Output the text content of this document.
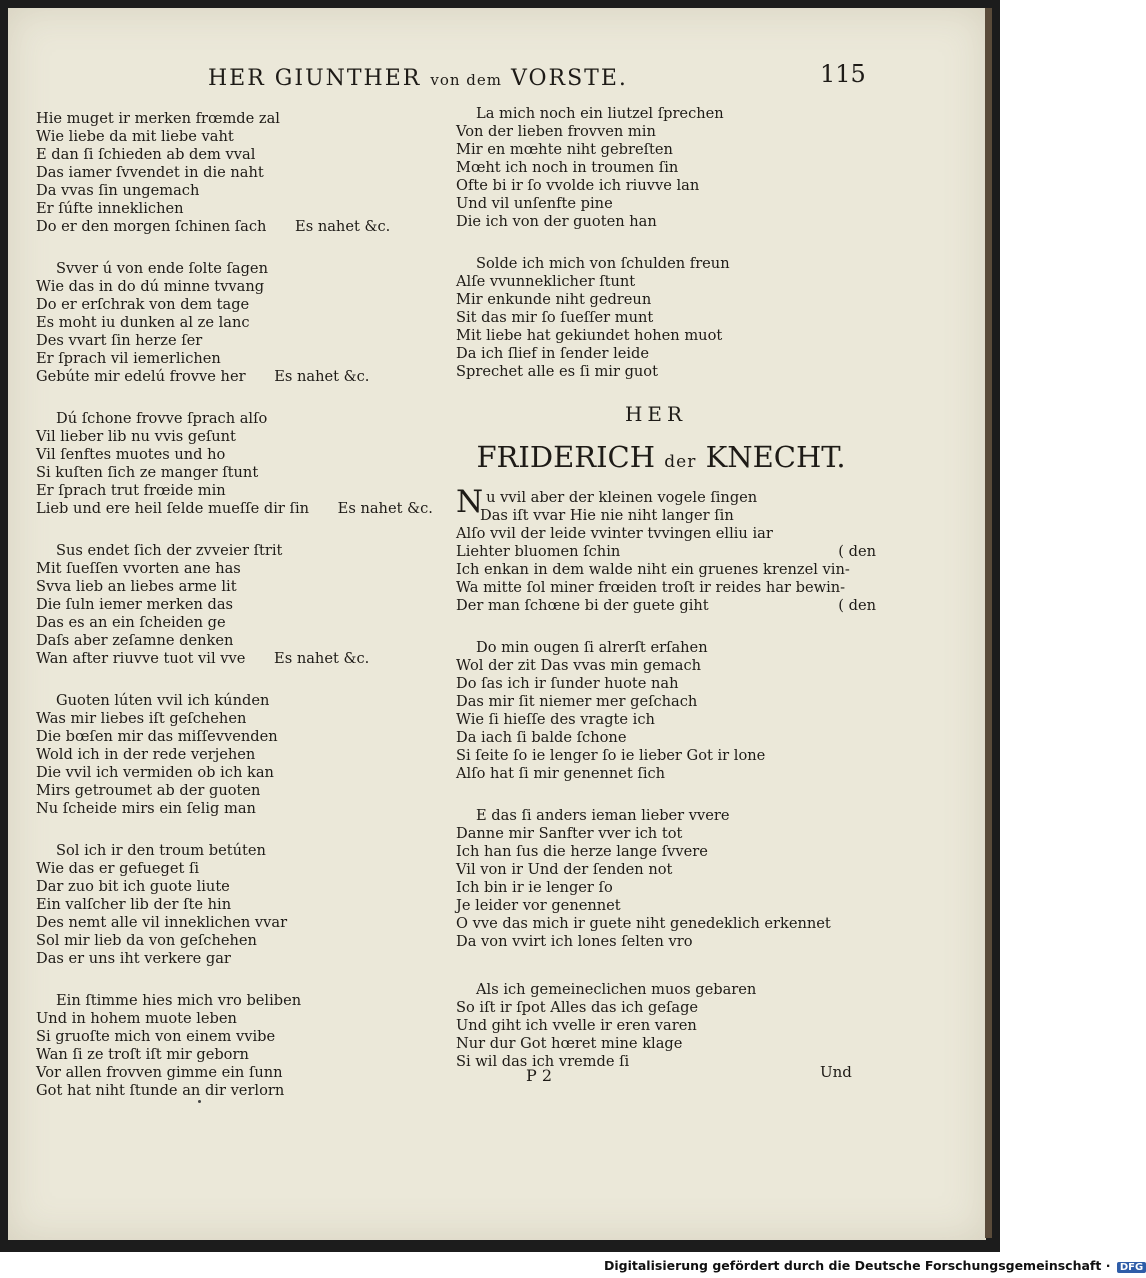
HER GIUNTHER von dem VORSTE.	115
Hie muget ir merken frœmde zal
Wie liebe da mit liebe vaht
E dan ſi ſchieden ab dem vval
Das iamer ſvvendet in die naht
Da vvas ſin ungemach
Er ſúfte inneklichen
Do er den morgen ſchinen ſach Es nahet &c.
Svver ú von ende ſolte ſagen
Wie das in do dú minne tvvang
Do er erſchrak von dem tage
Es moht iu dunken al ze lanc
Des vvart ſin herze ſer
Er ſprach vil iemerlichen
Gebúte mir edelú frovve her Es nahet &c.
Dú ſchone frovve ſprach alſo
Vil lieber lib nu vvis geſunt
Vil ſenftes muotes und ho
Si kuſten ſich ze manger ſtunt
Er ſprach trut frœide min
Lieb und ere heil ſelde mueſſe dir ſin Es nahet &c.
Sus endet ſich der zvveier ſtrit
Mit ſueſſen vvorten ane has
Svva lieb an liebes arme lit
Die ſuln iemer merken das
Das es an ein ſcheiden ge
Daſs aber zeſamne denken
Wan after riuvve tuot vil vve Es nahet &c.
Guoten lúten vvil ich kúnden
Was mir liebes iſt geſchehen
Die bœſen mir das miſſevvenden
Wold ich in der rede verjehen
Die vvil ich vermiden ob ich kan
Mirs getroumet ab der guoten
Nu ſcheide mirs ein ſelig man
Sol ich ir den troum betúten
Wie das er gefueget ſi
Dar zuo bit ich guote liute
Ein valſcher lib der ſte hin
Des nemt alle vil inneklichen vvar
Sol mir lieb da von geſchehen
Das er uns iht verkere gar
Ein ſtimme hies mich vro beliben
Und in hohem muote leben
Si gruoſte mich von einem vvibe
Wan ſi ze troſt iſt mir geborn
Vor allen frovven gimme ein ſunn
Got hat niht ſtunde an dir verlorn
La mich noch ein liutzel ſprechen
Von der lieben frovven min
Mir en mœhte niht gebreſten
Mœht ich noch in troumen ſin
Ofte bi ir ſo vvolde ich riuvve lan
Und vil unſenfte pine
Die ich von der guoten han
Solde ich mich von ſchulden freun
Alſe vvunneklicher ſtunt
Mir enkunde niht gedreun
Sit das mir ſo ſueſſer munt
Mit liebe hat gekiundet hohen muot
Da ich ſlief in ſender leide
Sprechet alle es ſi mir guot
HER
FRIDERICH der KNECHT.
Nu vvil aber der kleinen vogele ſingen
Das iſt vvar Hie nie niht langer ſin
Alſo vvil der leide vvinter tvvingen elliu iar
Liehter bluomen ſchin	( den
Ich enkan in dem walde niht ein gruenes krenzel vin-
Wa mitte ſol miner frœiden troſt ir reides har bewin-
Der man ſchœne bi der guete giht	( den
Do min ougen ſi alrerſt erſahen
Wol der zit Das vvas min gemach
Do ſas ich ir ſunder huote nah
Das mir ſit niemer mer geſchach
Wie ſi hieſſe des vragte ich
Da iach ſi balde ſchone
Si ſeite ſo ie lenger ſo ie lieber Got ir lone
Alſo hat ſi mir genennet ſich
E das ſi anders ieman lieber vvere
Danne mir Sanfter vver ich tot
Ich han ſus die herze lange ſvvere
Vil von ir Und der ſenden not
Ich bin ir ie lenger ſo
Je leider vor genennet
O vve das mich ir guete niht genedeklich erkennet
Da von vvirt ich lones ſelten vro
Als ich gemeineclichen muos gebaren
So iſt ir ſpot Alles das ich geſage
Und giht ich vvelle ir eren varen
Nur dur Got hœret mine klage
Si wil das ich vremde ſi
P 2	Und
Digitalisierung gefördert durch die Deutsche Forschungsgemeinschaft · DFG
